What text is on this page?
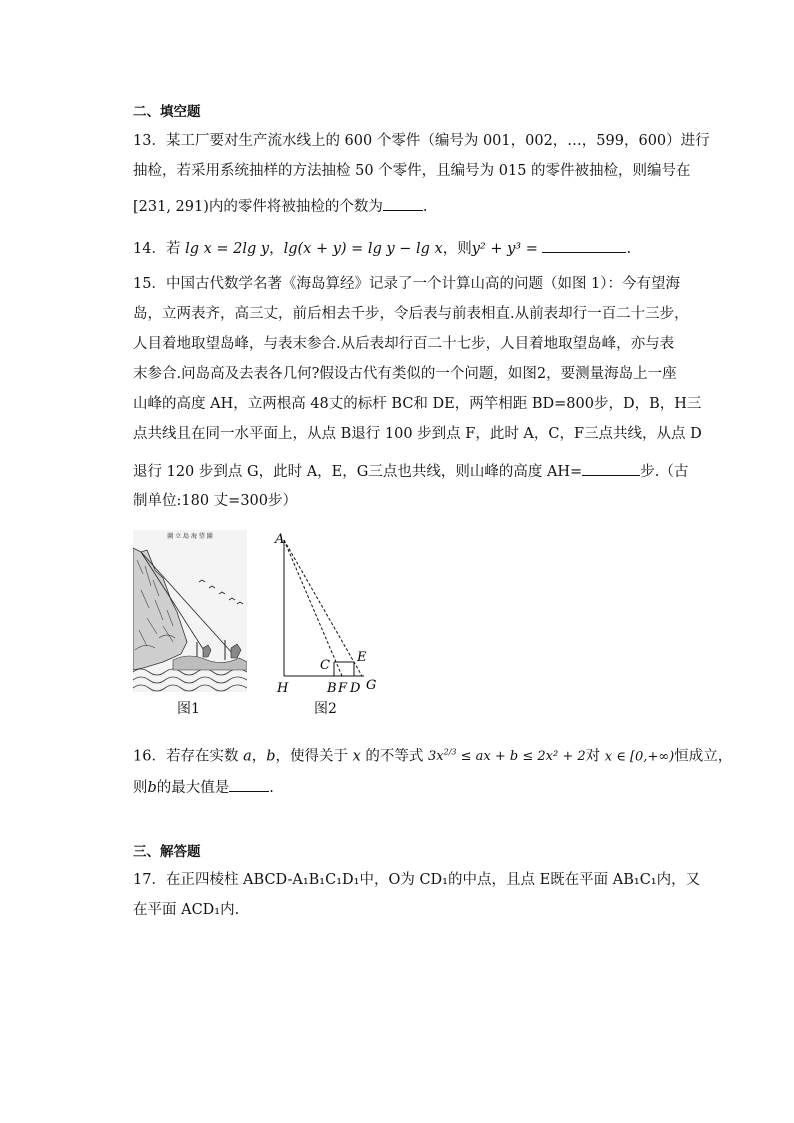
二、填空题
13．某工厂要对生产流水线上的 600 个零件（编号为 001，002，…，599，600）进行
抽检，若采用系统抽样的方法抽检 50 个零件，且编号为 015 的零件被抽检，则编号在
[231, 291)内的零件将被抽检的个数为	.
14．若 lg x = 2lg y，lg(x + y) = lg y − lg x，则y² + y³ =	.
15．中国古代数学名著《海岛算经》记录了一个计算山高的问题（如图 1）：今有望海
岛，立两表齐，高三丈，前后相去千步，令后表与前表相直.从前表却行一百二十三步，
人目着地取望岛峰，与表末参合.从后表却行百二十七步，人目着地取望岛峰，亦与表
末参合.问岛高及去表各几何?假设古代有类似的一个问题，如图2，要测量海岛上一座
山峰的高度 AH，立两根高 48丈的标杆 BC和 DE，两竿相距 BD=800步，D，B，H三
点共线且在同一水平面上，从点 B退行 100 步到点 F，此时 A，C，F三点共线，从点 D
退行 120 步到点 G，此时 A，E，G三点也共线，则山峰的高度 AH=	步.（古
制单位:180 丈=300步）
圖 立 島 海 望 圖
图1
A
C
E
H	B F D G
图2
16．若存在实数 a，b，使得关于 x 的不等式 $3x^{2/3}$ ≤ ax + b ≤ 2x² + 2对 x ∈ [0,+∞)恒成立，
则b的最大值是	.
三、解答题
17．在正四棱柱 ABCD-A₁B₁C₁D₁中，O为 CD₁的中点，且点 E既在平面 AB₁C₁内，又
在平面 ACD₁内.
